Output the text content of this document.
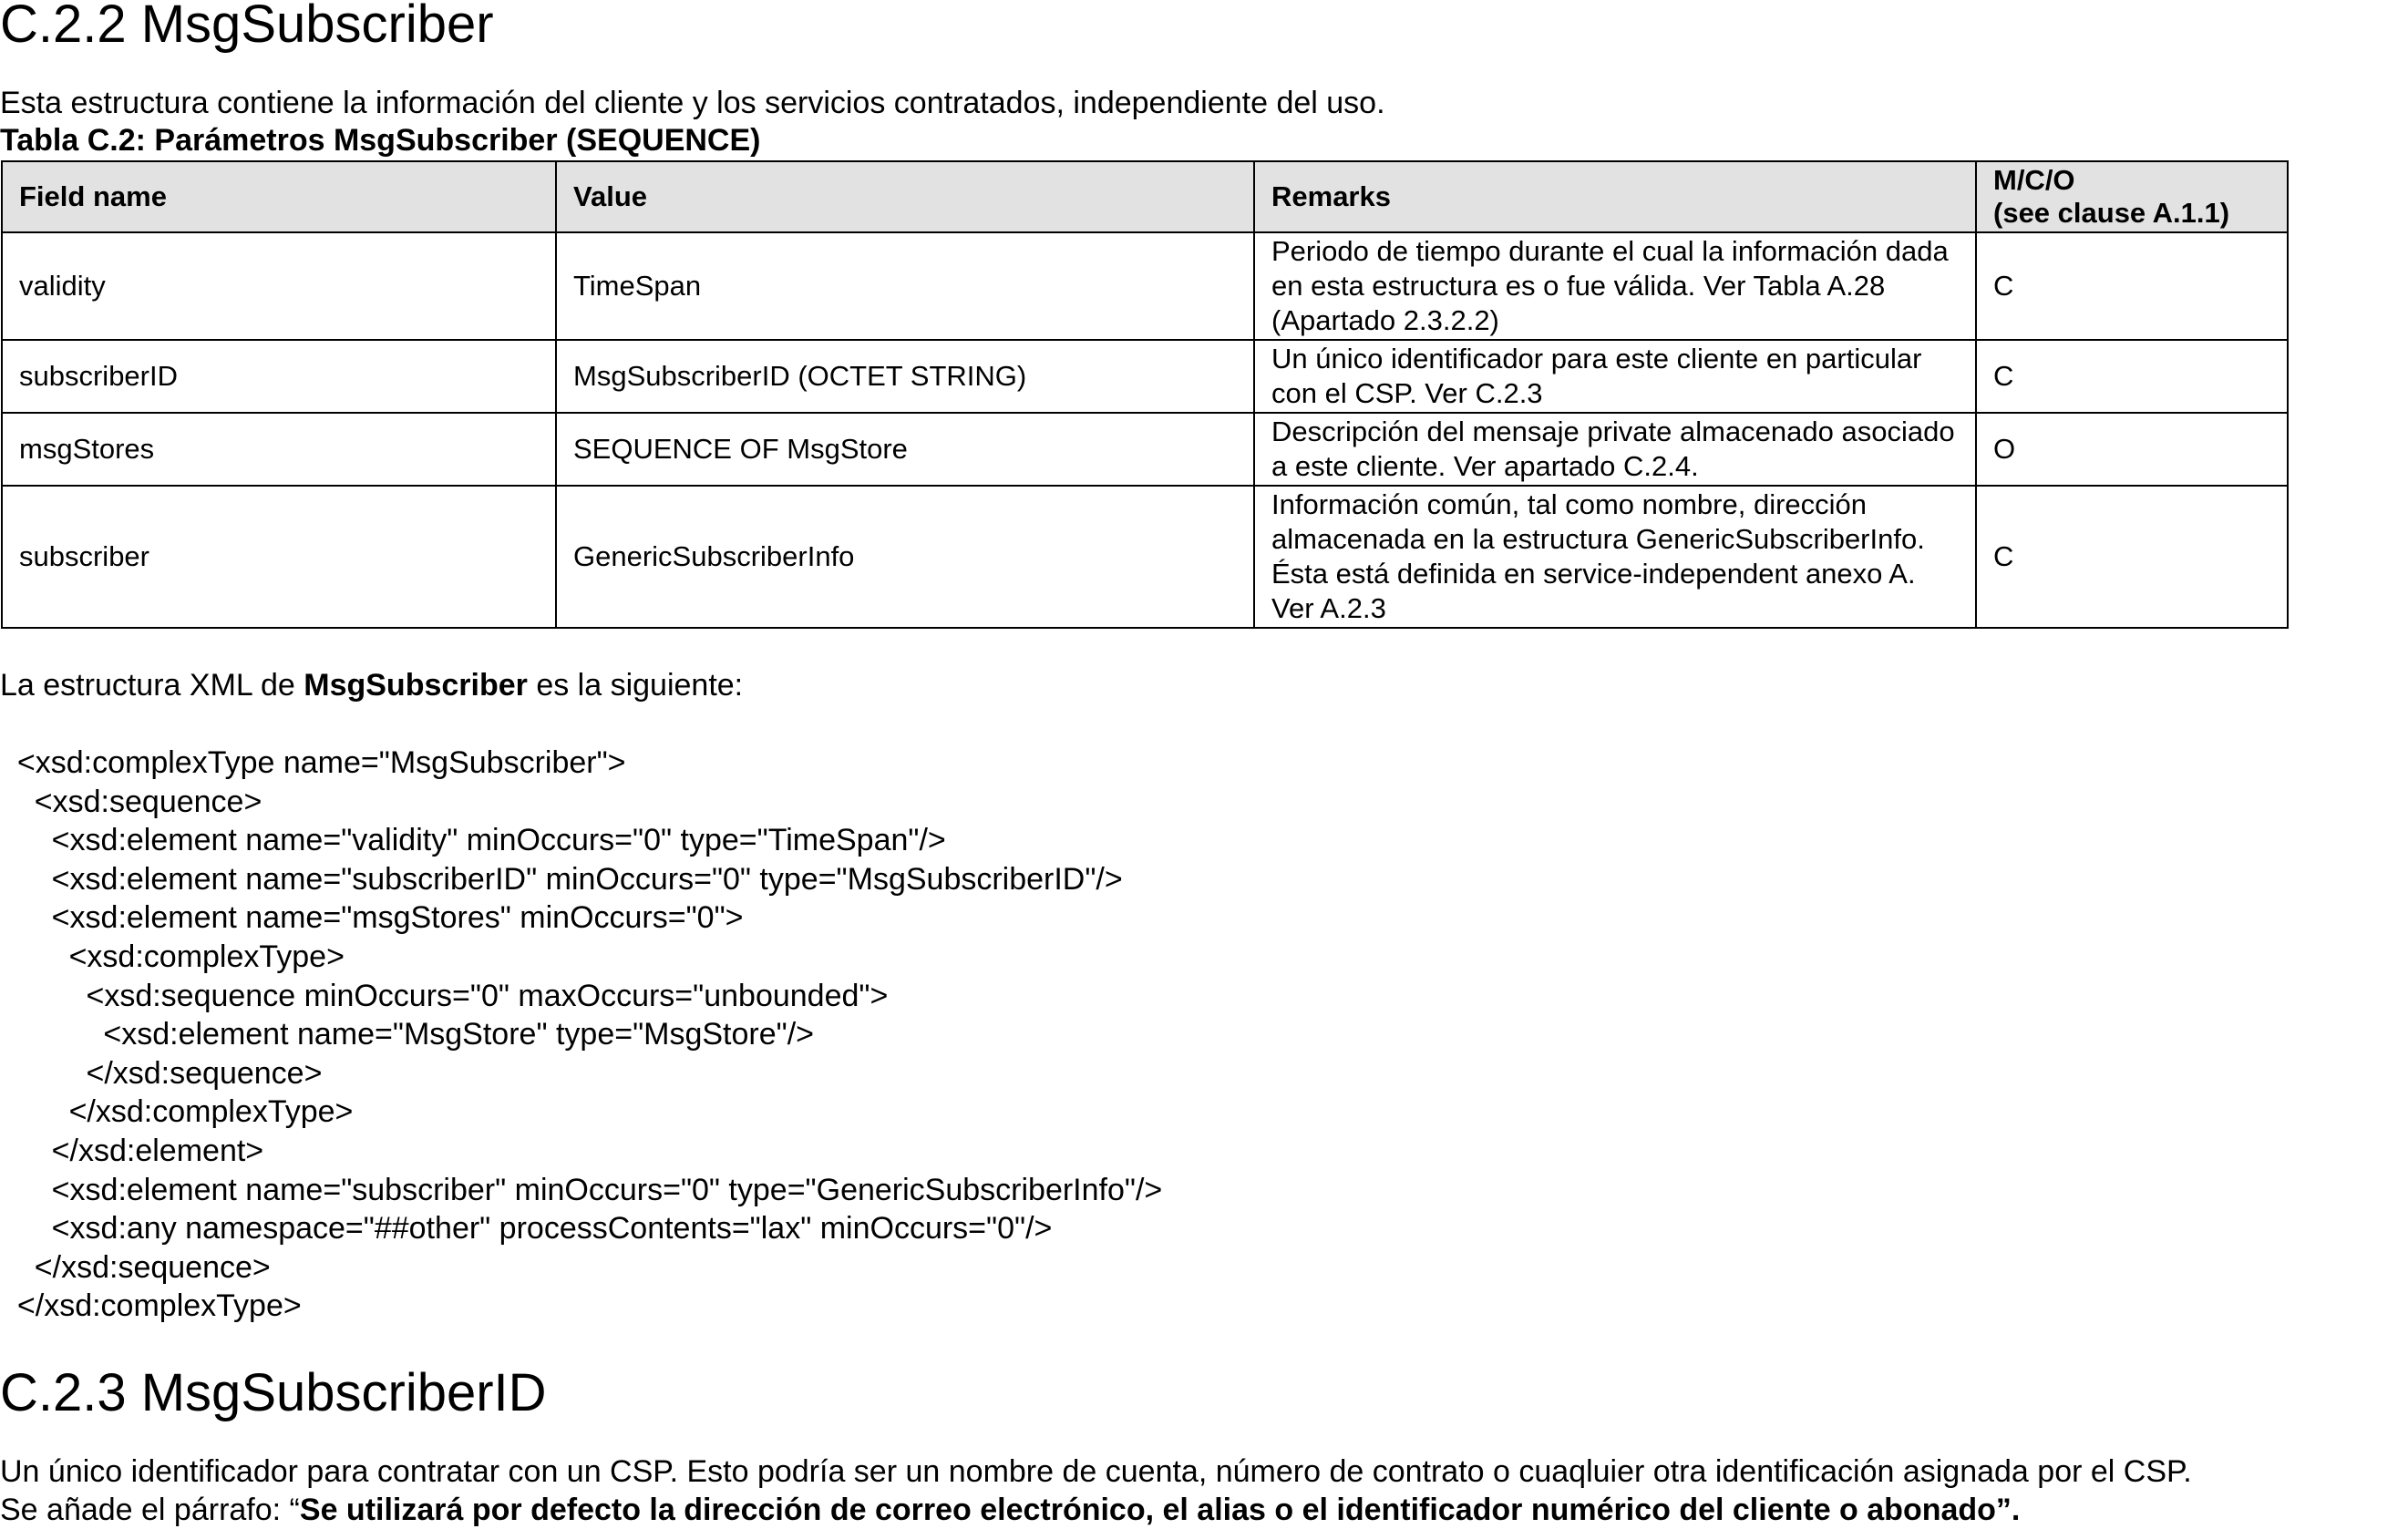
C.2.2 MsgSubscriber

Esta estructura contiene la información del cliente y los servicios contratados, independiente del uso.

Tabla C.2: Parámetros MsgSubscriber (SEQUENCE)

Field name	Value	Remarks	M/C/O
(see clause A.1.1)
validity	TimeSpan	Periodo de tiempo durante el cual la información dada en esta estructura es o fue válida. Ver Tabla A.28 (Apartado 2.3.2.2)	C
subscriberID	MsgSubscriberID (OCTET STRING)	Un único identificador para este cliente en particular con el CSP. Ver C.2.3	C
msgStores	SEQUENCE OF MsgStore	Descripción del mensaje private almacenado asociado a este cliente. Ver apartado C.2.4.	O
subscriber	GenericSubscriberInfo	Información común, tal como nombre, dirección almacenada en la estructura GenericSubscriberInfo. Ésta está definida en service-independent anexo A. Ver A.2.3	C

La estructura XML de MsgSubscriber es la siguiente:

<xsd:complexType name="MsgSubscriber">
<xsd:sequence>
<xsd:element name="validity" minOccurs="0" type="TimeSpan"/>
<xsd:element name="subscriberID" minOccurs="0" type="MsgSubscriberID"/>
<xsd:element name="msgStores" minOccurs="0">
<xsd:complexType>
<xsd:sequence minOccurs="0" maxOccurs="unbounded">
<xsd:element name="MsgStore" type="MsgStore"/>
</xsd:sequence>
</xsd:complexType>
</xsd:element>
<xsd:element name="subscriber" minOccurs="0" type="GenericSubscriberInfo"/>
<xsd:any namespace="##other" processContents="lax" minOccurs="0"/>
</xsd:sequence>
</xsd:complexType>
C.2.3 MsgSubscriberID

Un único identificador para contratar con un CSP. Esto podría ser un nombre de cuenta, número de contrato o cuaqluier otra identificación asignada por el CSP.

Se añade el párrafo: “Se utilizará por defecto la dirección de correo electrónico, el alias o el identificador numérico del cliente o abonado”.
